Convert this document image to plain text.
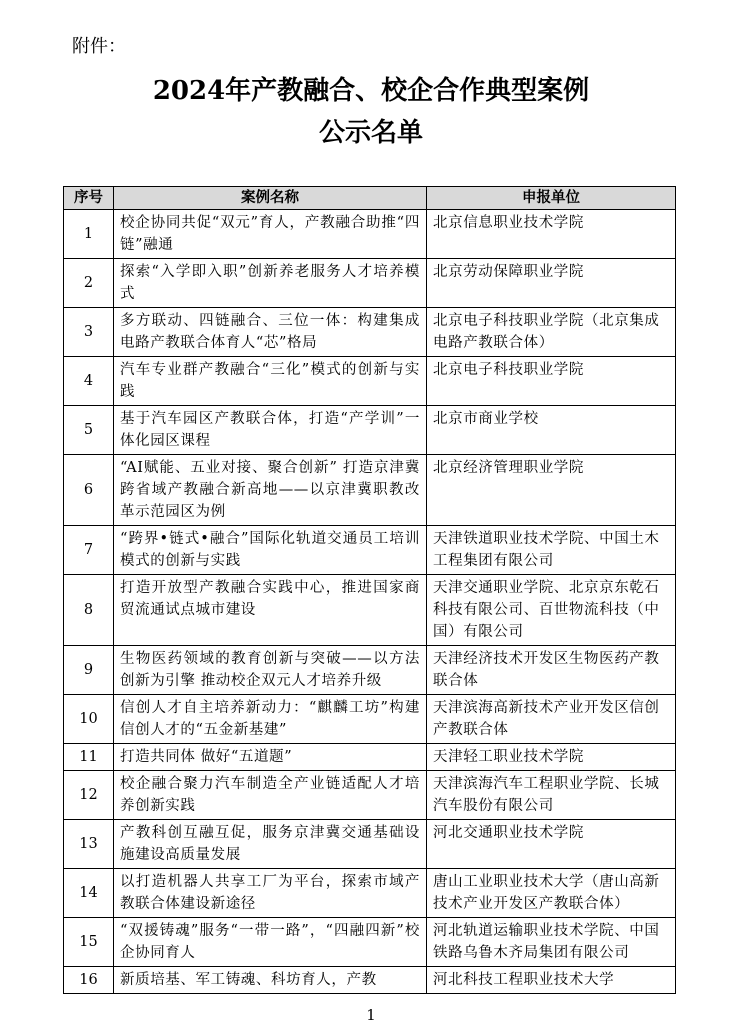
附件：
2024年产教融合、校企合作典型案例
公示名单
序号	案例名称	申报单位
1	校企协同共促“双元”育人，产教融合助推“四链”融通	北京信息职业技术学院
2	探索“入学即入职”创新养老服务人才培养模式	北京劳动保障职业学院
3	多方联动、四链融合、三位一体：构建集成电路产教联合体育人“芯”格局	北京电子科技职业学院（北京集成电路产教联合体）
4	汽车专业群产教融合“三化”模式的创新与实践	北京电子科技职业学院
5	基于汽车园区产教联合体，打造“产学训”一体化园区课程	北京市商业学校
6	“AI赋能、五业对接、聚合创新” 打造京津冀跨省域产教融合新高地——以京津冀职教改革示范园区为例	北京经济管理职业学院
7	“跨界•链式•融合”国际化轨道交通员工培训模式的创新与实践	天津铁道职业技术学院、中国土木工程集团有限公司
8	打造开放型产教融合实践中心，推进国家商贸流通试点城市建设	天津交通职业学院、北京京东乾石科技有限公司、百世物流科技（中国）有限公司
9	生物医药领域的教育创新与突破——以方法创新为引擎 推动校企双元人才培养升级	天津经济技术开发区生物医药产教联合体
10	信创人才自主培养新动力：“麒麟工坊”构建信创人才的“五金新基建”	天津滨海高新技术产业开发区信创产教联合体
11	打造共同体 做好“五道题”	天津轻工职业技术学院
12	校企融合聚力汽车制造全产业链适配人才培养创新实践	天津滨海汽车工程职业学院、长城汽车股份有限公司
13	产教科创互融互促，服务京津冀交通基础设施建设高质量发展	河北交通职业技术学院
14	以打造机器人共享工厂为平台，探索市域产教联合体建设新途径	唐山工业职业技术大学（唐山高新技术产业开发区产教联合体）
15	“双援铸魂”服务“一带一路”，“四融四新”校企协同育人	河北轨道运输职业技术学院、中国铁路乌鲁木齐局集团有限公司
16	新质培基、军工铸魂、科坊育人，产教	河北科技工程职业技术大学
1
